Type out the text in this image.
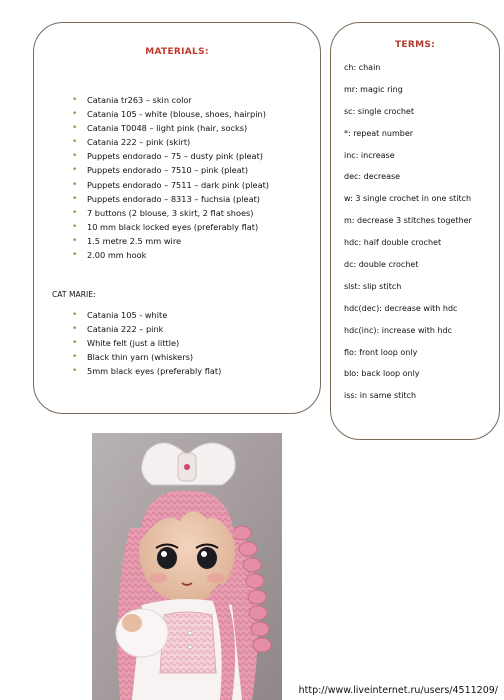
MATERIALS:
• Catania tr263 – skin color
• Catania 105 - white (blouse, shoes, hairpin)
• Catania T0048 – light pink (hair, socks)
• Catania 222 – pink (skirt)
• Puppets endorado – 75 – dusty pink (pleat)
• Puppets endorado – 7510 – pink (pleat)
• Puppets endorado – 7511 – dark pink (pleat)
• Puppets endorado – 8313 – fuchsia (pleat)
• 7 buttons (2 blouse, 3 skirt, 2 flat shoes)
• 10 mm black locked eyes (preferably flat)
• 1.5 metre 2.5 mm wire
• 2.00 mm hook
CAT MARIE:
• Catania 105 - white
• Catania 222 – pink
• White felt (just a little)
• Black thin yarn (whiskers)
• 5mm black eyes (preferably flat)
TERMS:
ch: chain
mr: magic ring
sc: single crochet
*: repeat number
inc: increase
dec: decrease
w: 3 single crochet in one stitch
m: decrease 3 stitches together
hdc: half double crochet
dc: double crochet
slst: slip stitch
hdc(dec): decrease with hdc
hdc(inc): increase with hdc
flo: front loop only
blo: back loop only
iss: in same stitch
http://www.liveinternet.ru/users/4511209/
